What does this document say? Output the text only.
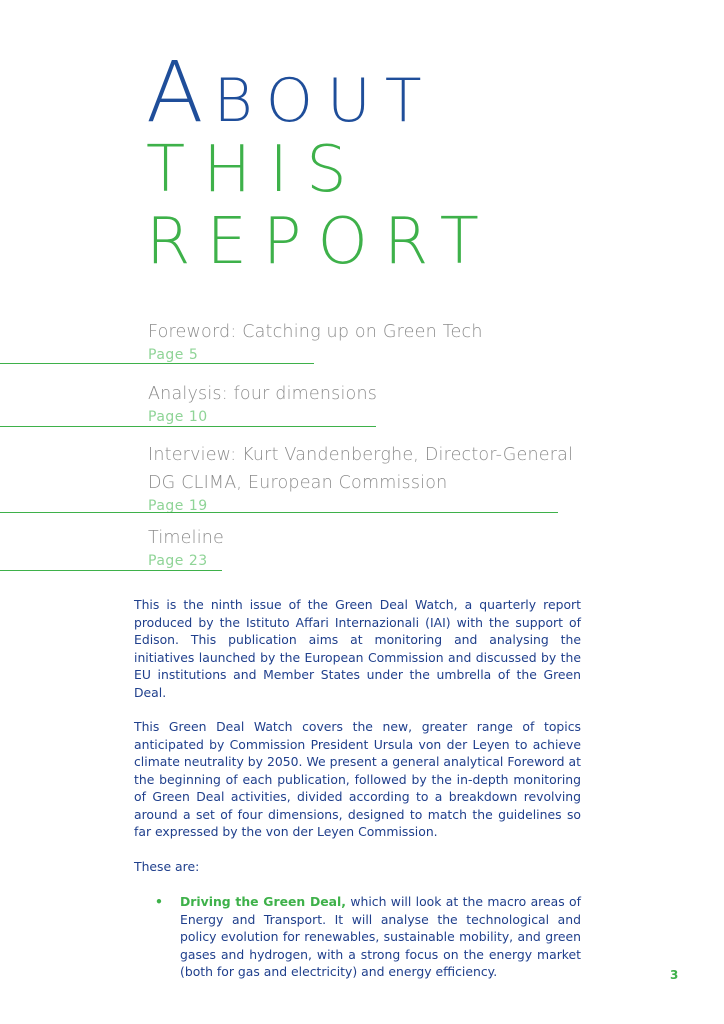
ABOUT
THIS
REPORT
Foreword: Catching up on Green Tech
Page 5
Analysis: four dimensions
Page 10
Interview: Kurt Vandenberghe, Director-General
DG CLIMA, European Commission
Page 19
Timeline
Page 23

This is the ninth issue of the Green Deal Watch, a quarterly report produced by the Istituto Affari Internazionali (IAI) with the support of Edison. This publication aims at monitoring and analysing the initiatives launched by the European Commission and discussed by the EU institutions and Member States under the umbrella of the Green Deal.

This Green Deal Watch covers the new, greater range of topics anticipated by Commission President Ursula von der Leyen to achieve climate neutrality by 2050. We present a general analytical Foreword at the beginning of each publication, followed by the in-depth monitoring of Green Deal activities, divided according to a breakdown revolving around a set of four dimensions, designed to match the guidelines so far expressed by the von der Leyen Commission.

These are:

• Driving the Green Deal, which will look at the macro areas of Energy and Transport. It will analyse the technological and policy evolution for renewables, sustainable mobility, and green gases and hydrogen, with a strong focus on the energy market (both for gas and electricity) and energy efficiency.	3
